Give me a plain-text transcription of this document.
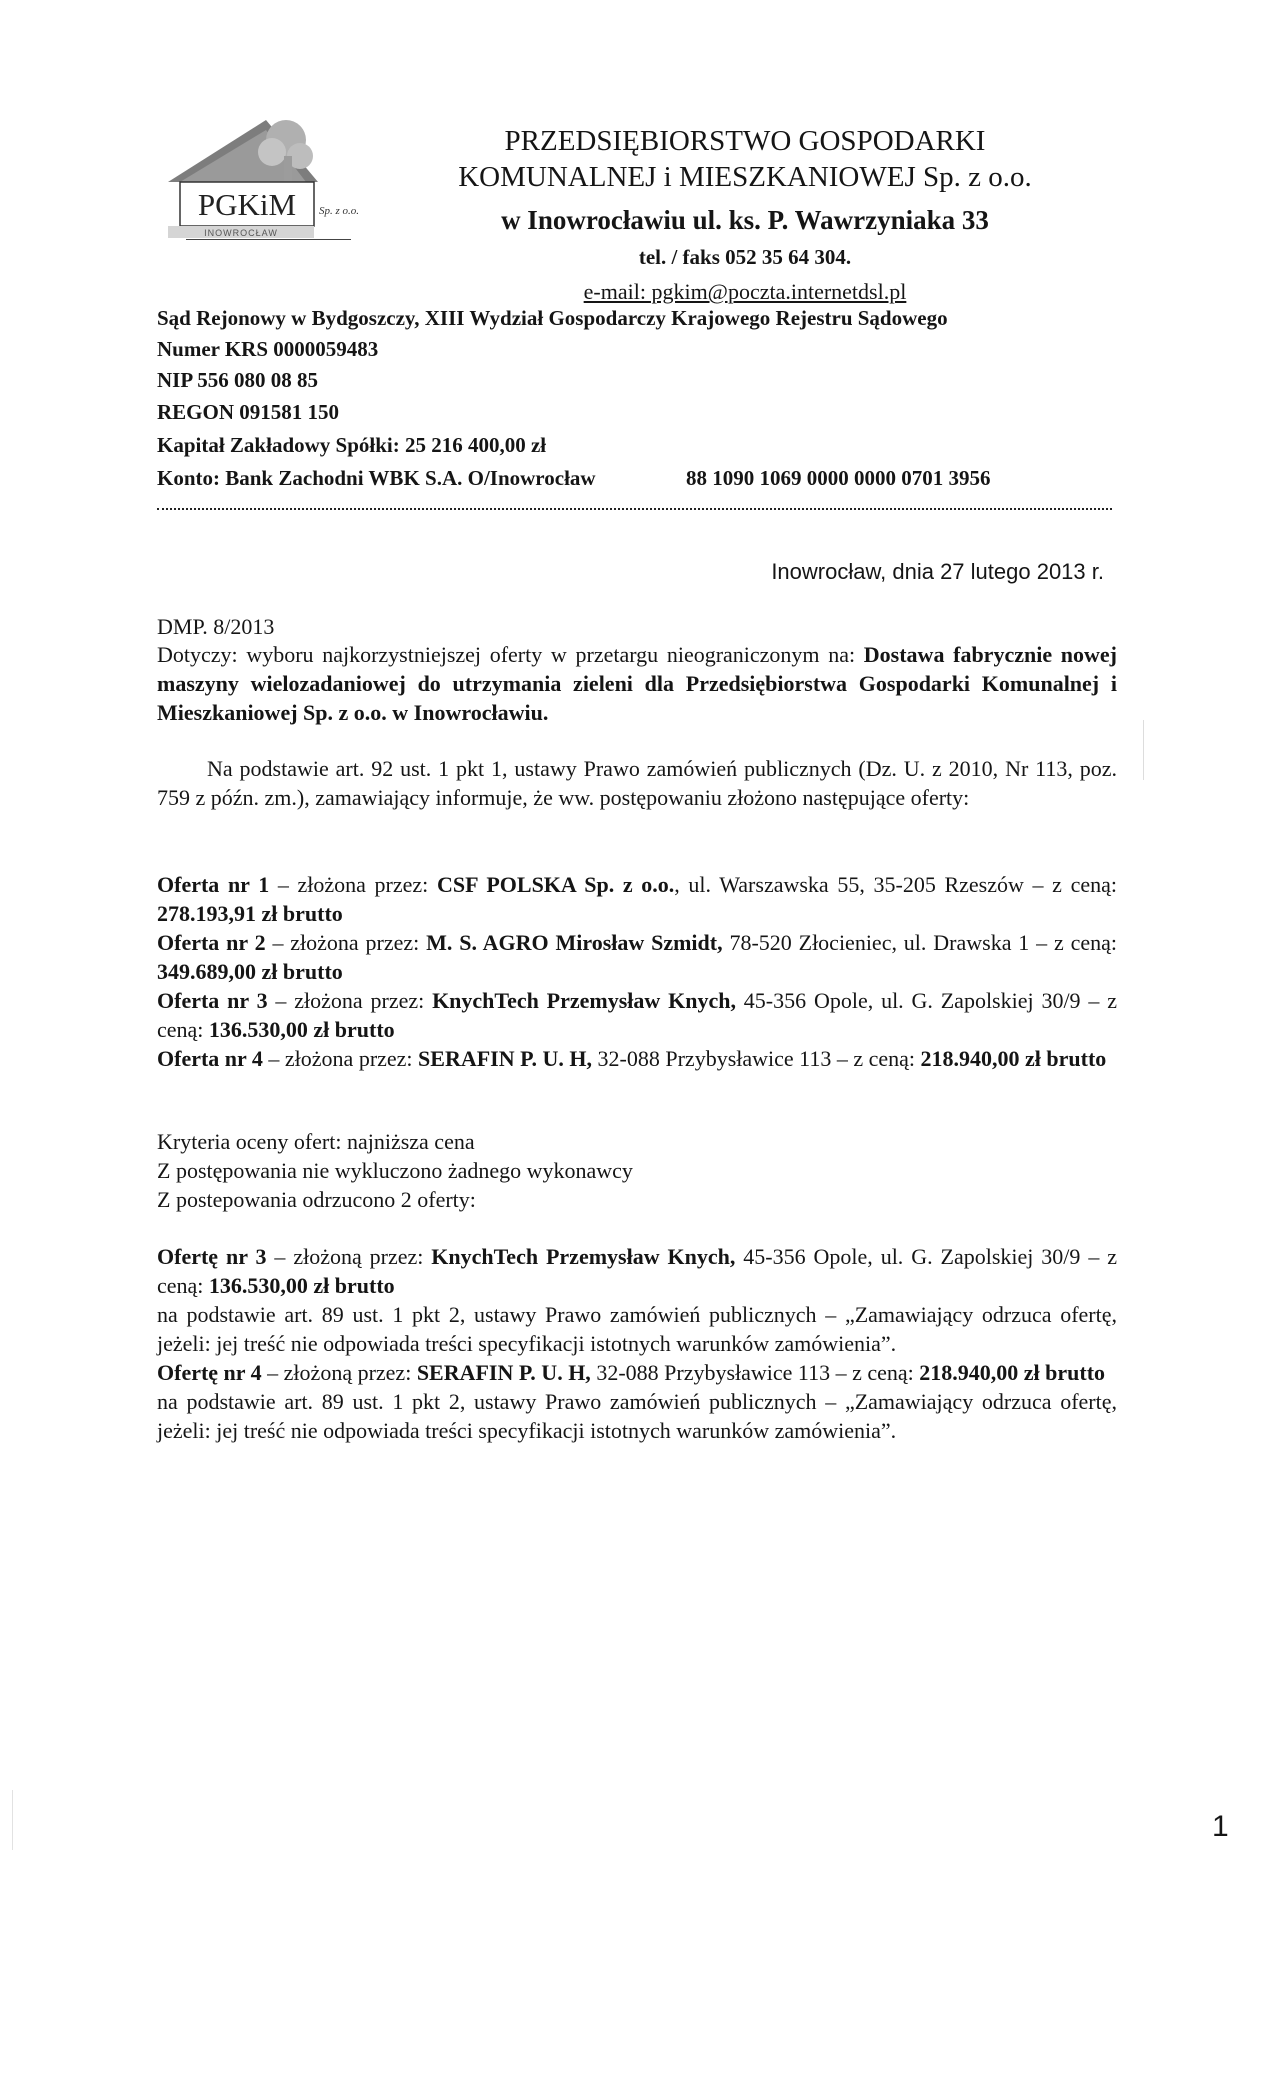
PGKiM Sp. z o.o.
INOWROCŁAW
PRZEDSIĘBIORSTWO GOSPODARKI
KOMUNALNEJ i MIESZKANIOWEJ Sp. z o.o.
w Inowrocławiu ul. ks. P. Wawrzyniaka 33
tel. / faks 052 35 64 304.
e-mail: pgkim@poczta.internetdsl.pl
Sąd Rejonowy w Bydgoszczy, XIII Wydział Gospodarczy Krajowego Rejestru Sądowego
Numer KRS 0000059483
NIP 556 080 08 85
REGON 091581 150
Kapitał Zakładowy Spółki: 25 216 400,00 zł
Konto: Bank Zachodni WBK S.A. O/Inowrocław	88 1090 1069 0000 0000 0701 3956
Inowrocław, dnia 27 lutego 2013 r.
DMP. 8/2013
Dotyczy: wyboru najkorzystniejszej oferty w przetargu nieograniczonym na: Dostawa fabrycznie nowej maszyny wielozadaniowej do utrzymania zieleni dla Przedsiębiorstwa Gospodarki Komunalnej i Mieszkaniowej Sp. z o.o. w Inowrocławiu.
Na podstawie art. 92 ust. 1 pkt 1, ustawy Prawo zamówień publicznych (Dz. U. z 2010, Nr 113, poz. 759 z późn. zm.), zamawiający informuje, że ww. postępowaniu złożono następujące oferty:
Oferta nr 1 – złożona przez: CSF POLSKA Sp. z o.o., ul. Warszawska 55, 35-205 Rzeszów – z ceną: 278.193,91 zł brutto
Oferta nr 2 – złożona przez: M. S. AGRO Mirosław Szmidt, 78-520 Złocieniec, ul. Drawska 1 – z ceną: 349.689,00 zł brutto
Oferta nr 3 – złożona przez: KnychTech Przemysław Knych, 45-356 Opole, ul. G. Zapolskiej 30/9 – z ceną: 136.530,00 zł brutto
Oferta nr 4 – złożona przez: SERAFIN P. U. H, 32-088 Przybysławice 113 – z ceną: 218.940,00 zł brutto
Kryteria oceny ofert: najniższa cena
Z postępowania nie wykluczono żadnego wykonawcy
Z postepowania odrzucono 2 oferty:
Ofertę nr 3 – złożoną przez: KnychTech Przemysław Knych, 45-356 Opole, ul. G. Zapolskiej 30/9 – z ceną: 136.530,00 zł brutto
na podstawie art. 89 ust. 1 pkt 2, ustawy Prawo zamówień publicznych – „Zamawiający odrzuca ofertę, jeżeli: jej treść nie odpowiada treści specyfikacji istotnych warunków zamówienia”.
Ofertę nr 4 – złożoną przez: SERAFIN P. U. H, 32-088 Przybysławice 113 – z ceną: 218.940,00 zł brutto
na podstawie art. 89 ust. 1 pkt 2, ustawy Prawo zamówień publicznych – „Zamawiający odrzuca ofertę, jeżeli: jej treść nie odpowiada treści specyfikacji istotnych warunków zamówienia”.
1
